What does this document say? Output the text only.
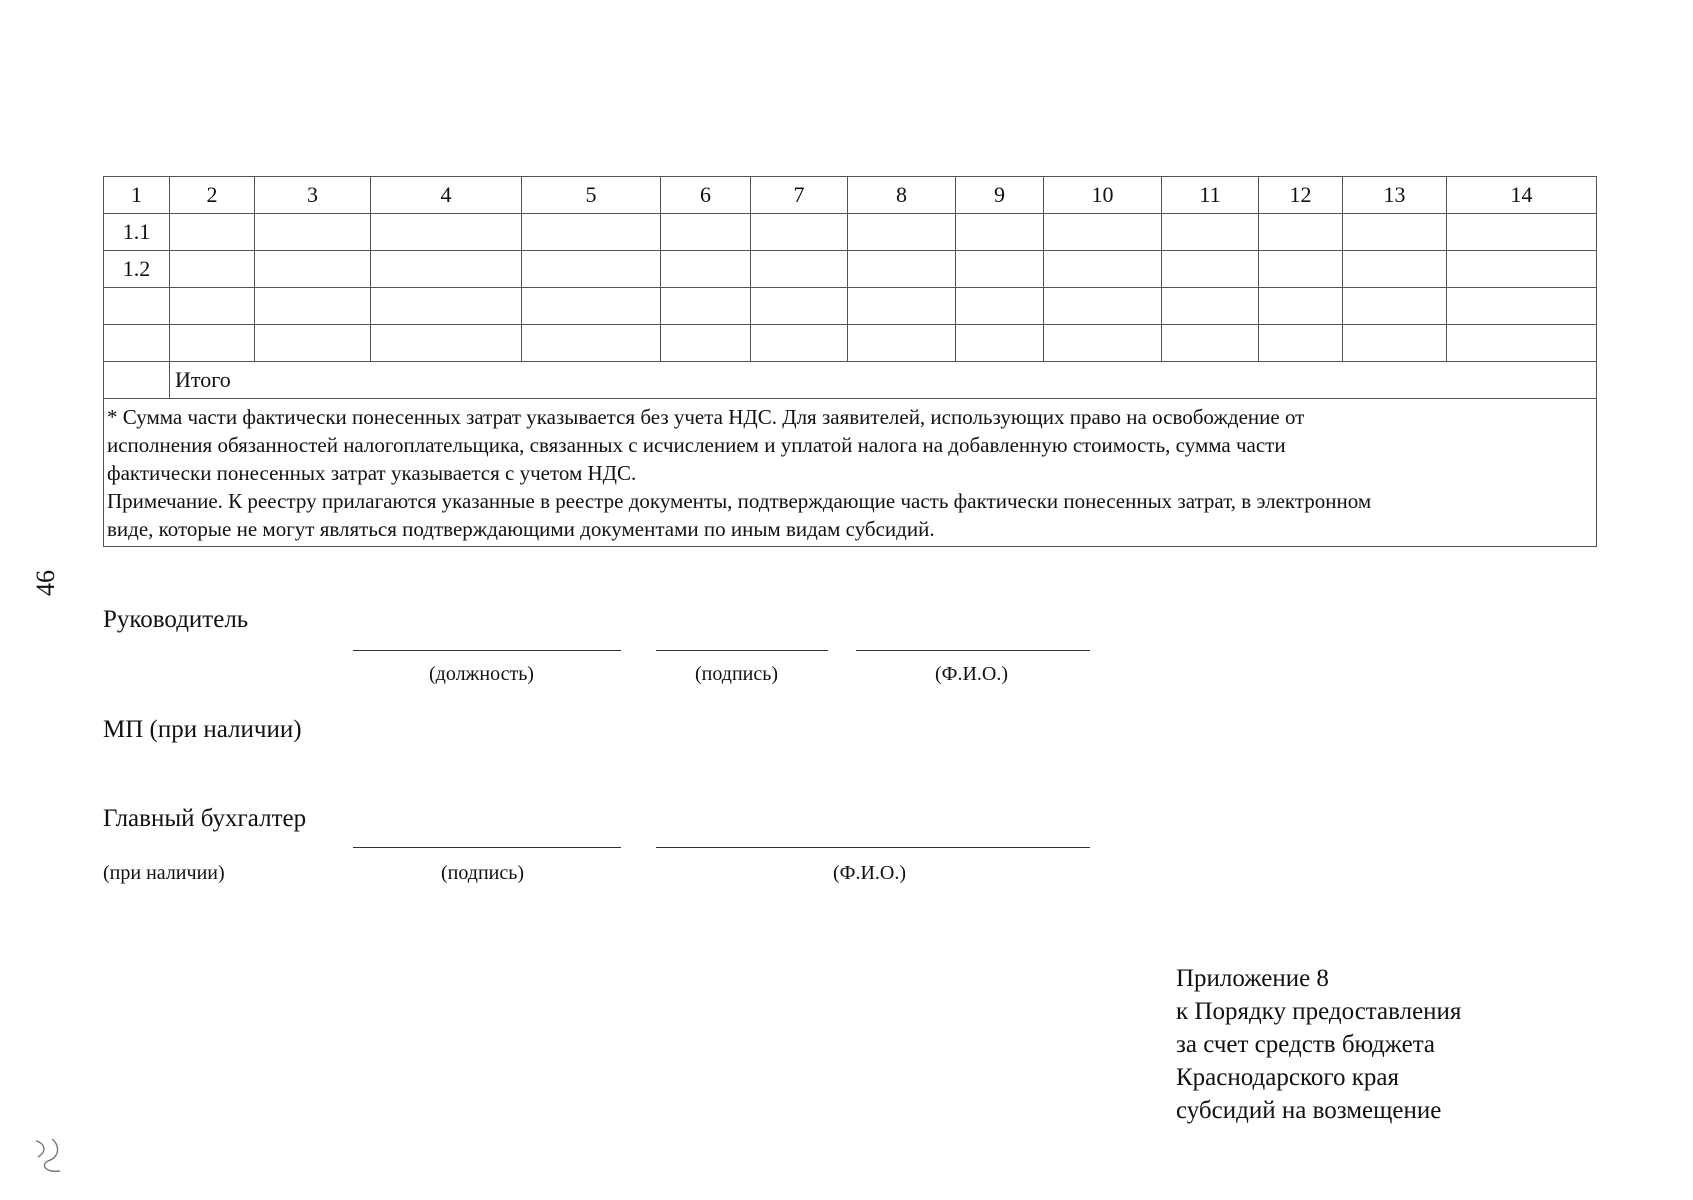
46
1	2	3	4	5	6	7	8	9	10	11	12	13	14
1.1													
1.2													

	Итого												

* Сумма части фактически понесенных затрат указывается без учета НДС. Для заявителей, использующих право на освобождение от
исполнения обязанностей налогоплательщика, связанных с исчислением и уплатой налога на добавленную стоимость, сумма части
фактически понесенных затрат указывается с учетом НДС.
Примечание. К реестру прилагаются указанные в реестре документы, подтверждающие часть фактически понесенных затрат, в электронном
виде, которые не могут являться подтверждающими документами по иным видам субсидий.													
Руководитель
(должность)	(подпись)	(Ф.И.О.)
МП (при наличии)
Главный бухгалтер
(при наличии)	(подпись)	(Ф.И.О.)
Приложение 8
к Порядку предоставления
за счет средств бюджета
Краснодарского края
субсидий на возмещение
